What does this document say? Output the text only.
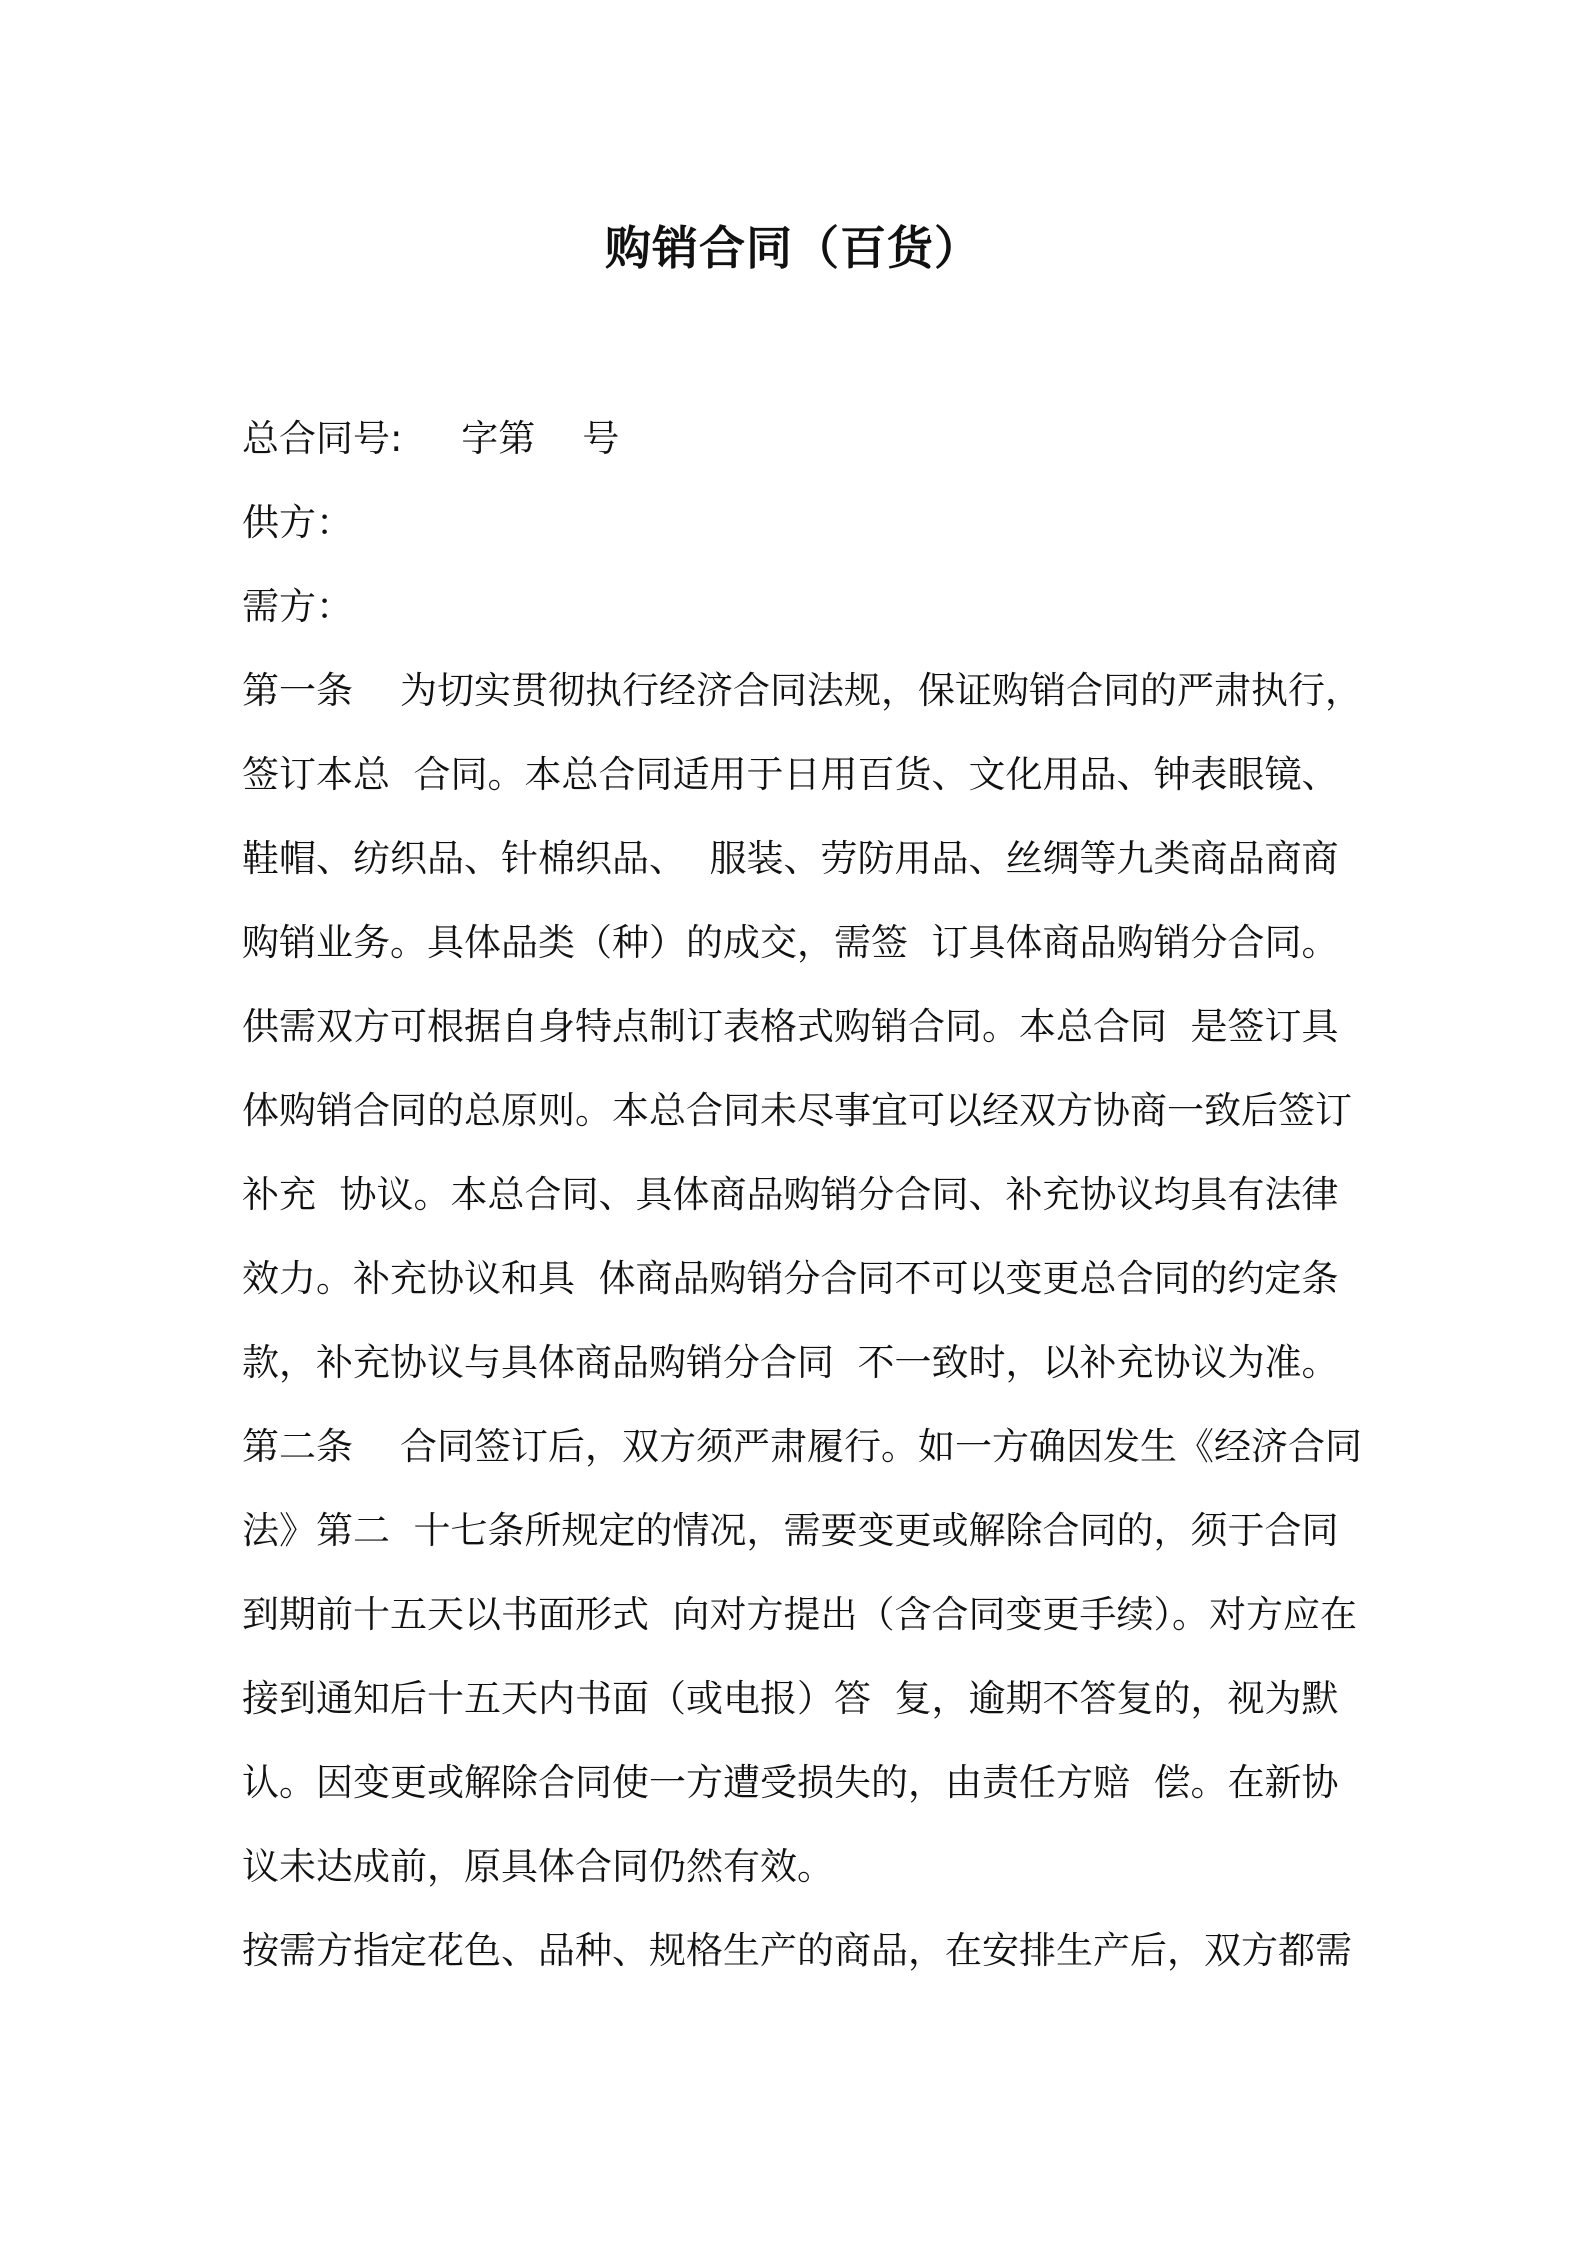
购销合同（百货）
总合同号:     字第    号
供方：
需方：
第一条    为切实贯彻执行经济合同法规，保证购销合同的严肃执行，
签订本总  合同。本总合同适用于日用百货、文化用品、钟表眼镜、
鞋帽、纺织品、针棉织品、  服装、劳防用品、丝绸等九类商品商商
购销业务。具体品类（种）的成交，需签  订具体商品购销分合同。
供需双方可根据自身特点制订表格式购销合同。本总合同  是签订具
体购销合同的总原则。本总合同未尽事宜可以经双方协商一致后签订
补充  协议。本总合同、具体商品购销分合同、补充协议均具有法律
效力。补充协议和具  体商品购销分合同不可以变更总合同的约定条
款，补充协议与具体商品购销分合同  不一致时，以补充协议为准。
第二条    合同签订后，双方须严肃履行。如一方确因发生《经济合同
法》第二  十七条所规定的情况，需要变更或解除合同的，须于合同
到期前十五天以书面形式  向对方提出（含合同变更手续）。对方应在
接到通知后十五天内书面（或电报）答  复，逾期不答复的，视为默
认。因变更或解除合同使一方遭受损失的，由责任方赔  偿。在新协
议未达成前，原具体合同仍然有效。
按需方指定花色、品种、规格生产的商品，在安排生产后，双方都需
